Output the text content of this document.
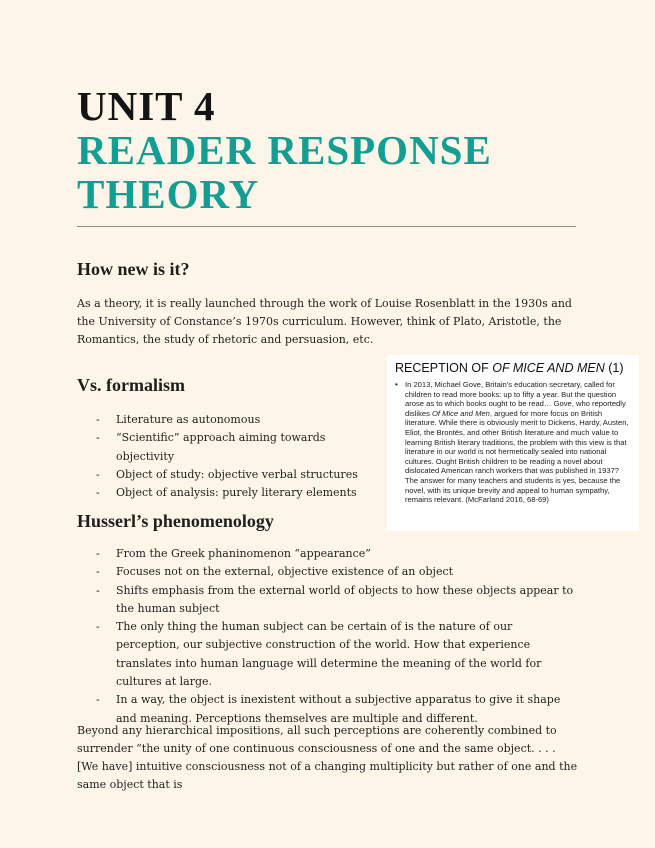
UNIT 4
READER RESPONSE THEORY
How new is it?

As a theory, it is really launched through the work of Louise Rosenblatt in the 1930s and the University of Constance’s 1970s curriculum. However, think of Plato, Aristotle, the Romantics, the study of rhetoric and persuasion, etc.

Vs. formalism
- Literature as autonomous
- “Scientific” approach aiming towards objectivity
- Object of study: objective verbal structures
- Object of analysis: purely literary elements

RECEPTION OF OF MICE AND MEN (1)

• In 2013, Michael Gove, Britain’s education secretary, called for children to read more books: up to fifty a year. But the question arose as to which books ought to be read… Gove, who reportedly dislikes Of Mice and Men, argued for more focus on British literature. While there is obviously merit to Dickens, Hardy, Austen, Eliot, the Brontës, and other British literature and much value to learning British literary traditions, the problem with this view is that literature in our world is not hermetically sealed into national cultures. Ought British children to be reading a novel about dislocated American ranch workers that was published in 1937? The answer for many teachers and students is yes, because the novel, with its unique brevity and appeal to human sympathy, remains relevant. (McFarland 2016, 68-69)

Husserl’s phenomenology
- From the Greek phaninomenon “appearance”
- Focuses not on the external, objective existence of an object
- Shifts emphasis from the external world of objects to how these objects appear to the human subject
- The only thing the human subject can be certain of is the nature of our perception, our subjective construction of the world. How that experience translates into human language will determine the meaning of the world for cultures at large.
- In a way, the object is inexistent without a subjective apparatus to give it shape and meaning. Perceptions themselves are multiple and different.

Beyond any hierarchical impositions, all such perceptions are coherently combined to surrender “the unity of one continuous consciousness of one and the same object. . . . [We have] intuitive consciousness not of a changing multiplicity but rather of one and the same object that is
